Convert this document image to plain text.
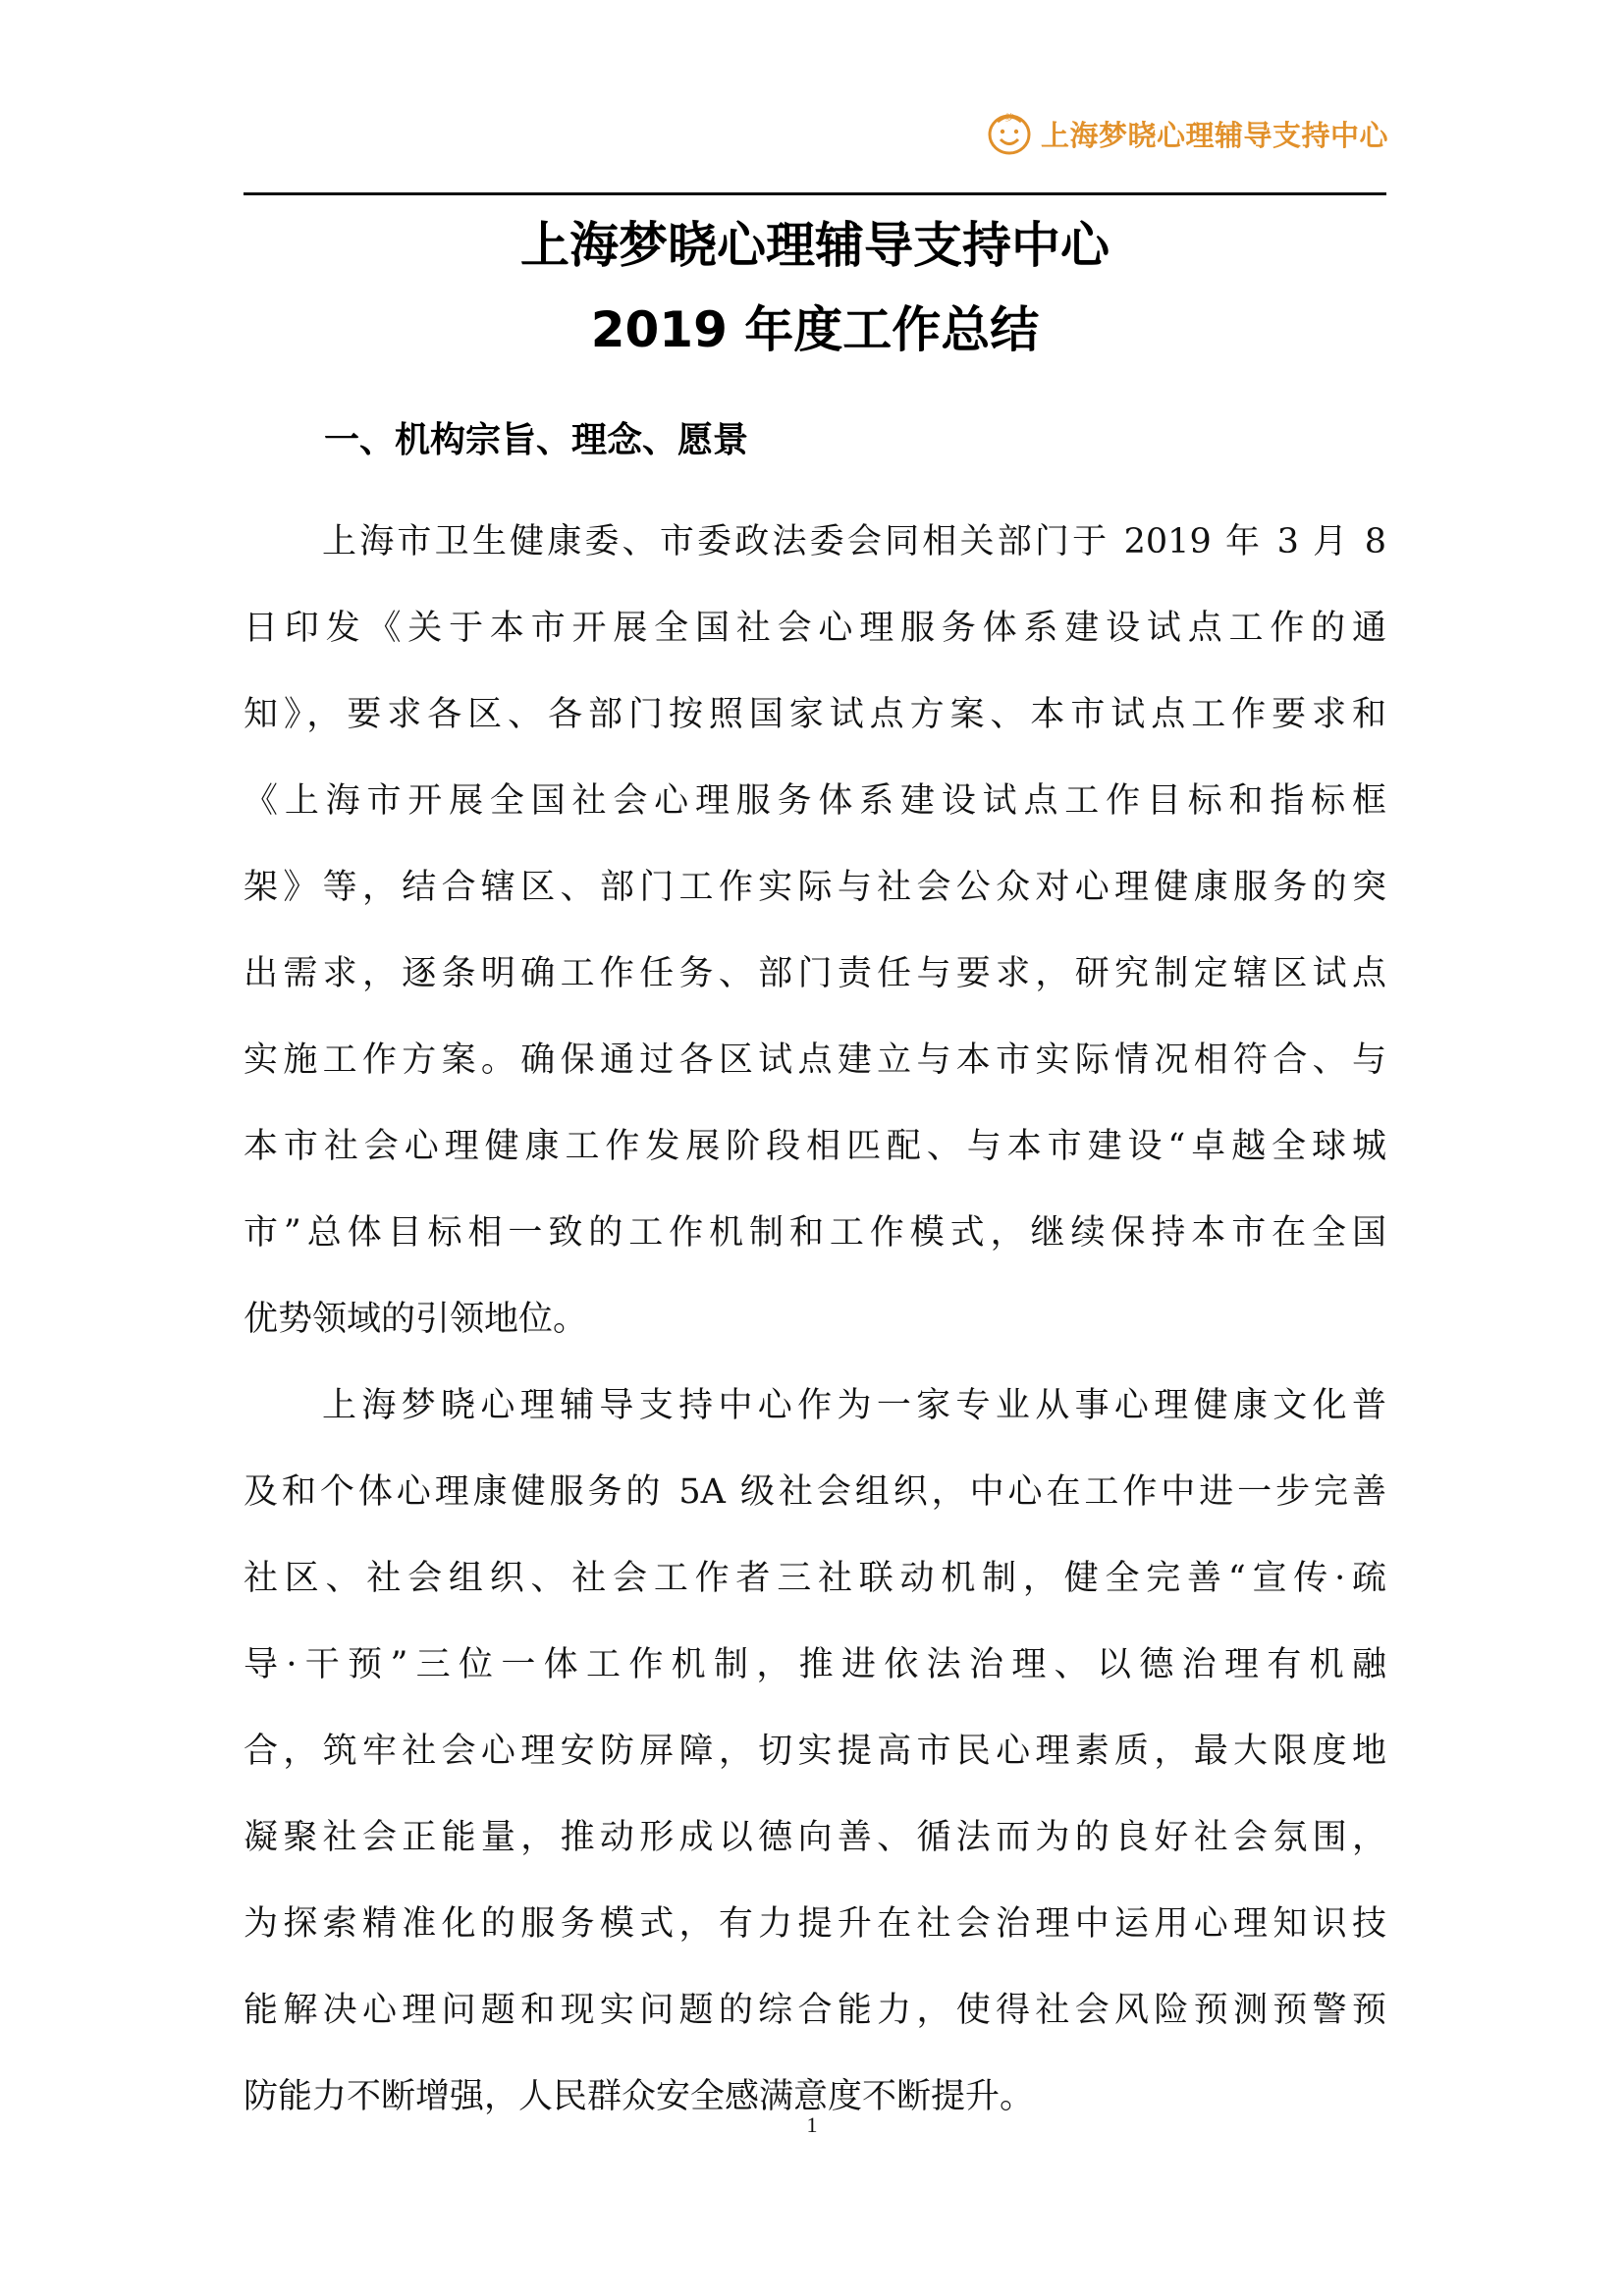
梦 上海梦晓心理辅导支持中心
上海梦晓心理辅导支持中心
2019 年度工作总结
一、机构宗旨、理念、愿景
上海市卫生健康委、市委政法委会同相关部门于 2019 年 3 月 8
日印发《关于本市开展全国社会心理服务体系建设试点工作的通
知》，要求各区、各部门按照国家试点方案、本市试点工作要求和
《上海市开展全国社会心理服务体系建设试点工作目标和指标框
架》等，结合辖区、部门工作实际与社会公众对心理健康服务的突
出需求，逐条明确工作任务、部门责任与要求，研究制定辖区试点
实施工作方案。确保通过各区试点建立与本市实际情况相符合、与
本市社会心理健康工作发展阶段相匹配、与本市建设“卓越全球城
市”总体目标相一致的工作机制和工作模式，继续保持本市在全国
优势领域的引领地位。
上海梦晓心理辅导支持中心作为一家专业从事心理健康文化普
及和个体心理康健服务的 5A 级社会组织，中心在工作中进一步完善
社区、社会组织、社会工作者三社联动机制，健全完善“宣传·疏
导·干预”三位一体工作机制，推进依法治理、以德治理有机融
合，筑牢社会心理安防屏障，切实提高市民心理素质，最大限度地
凝聚社会正能量，推动形成以德向善、循法而为的良好社会氛围，
为探索精准化的服务模式，有力提升在社会治理中运用心理知识技
能解决心理问题和现实问题的综合能力，使得社会风险预测预警预
防能力不断增强，人民群众安全感满意度不断提升。
1
